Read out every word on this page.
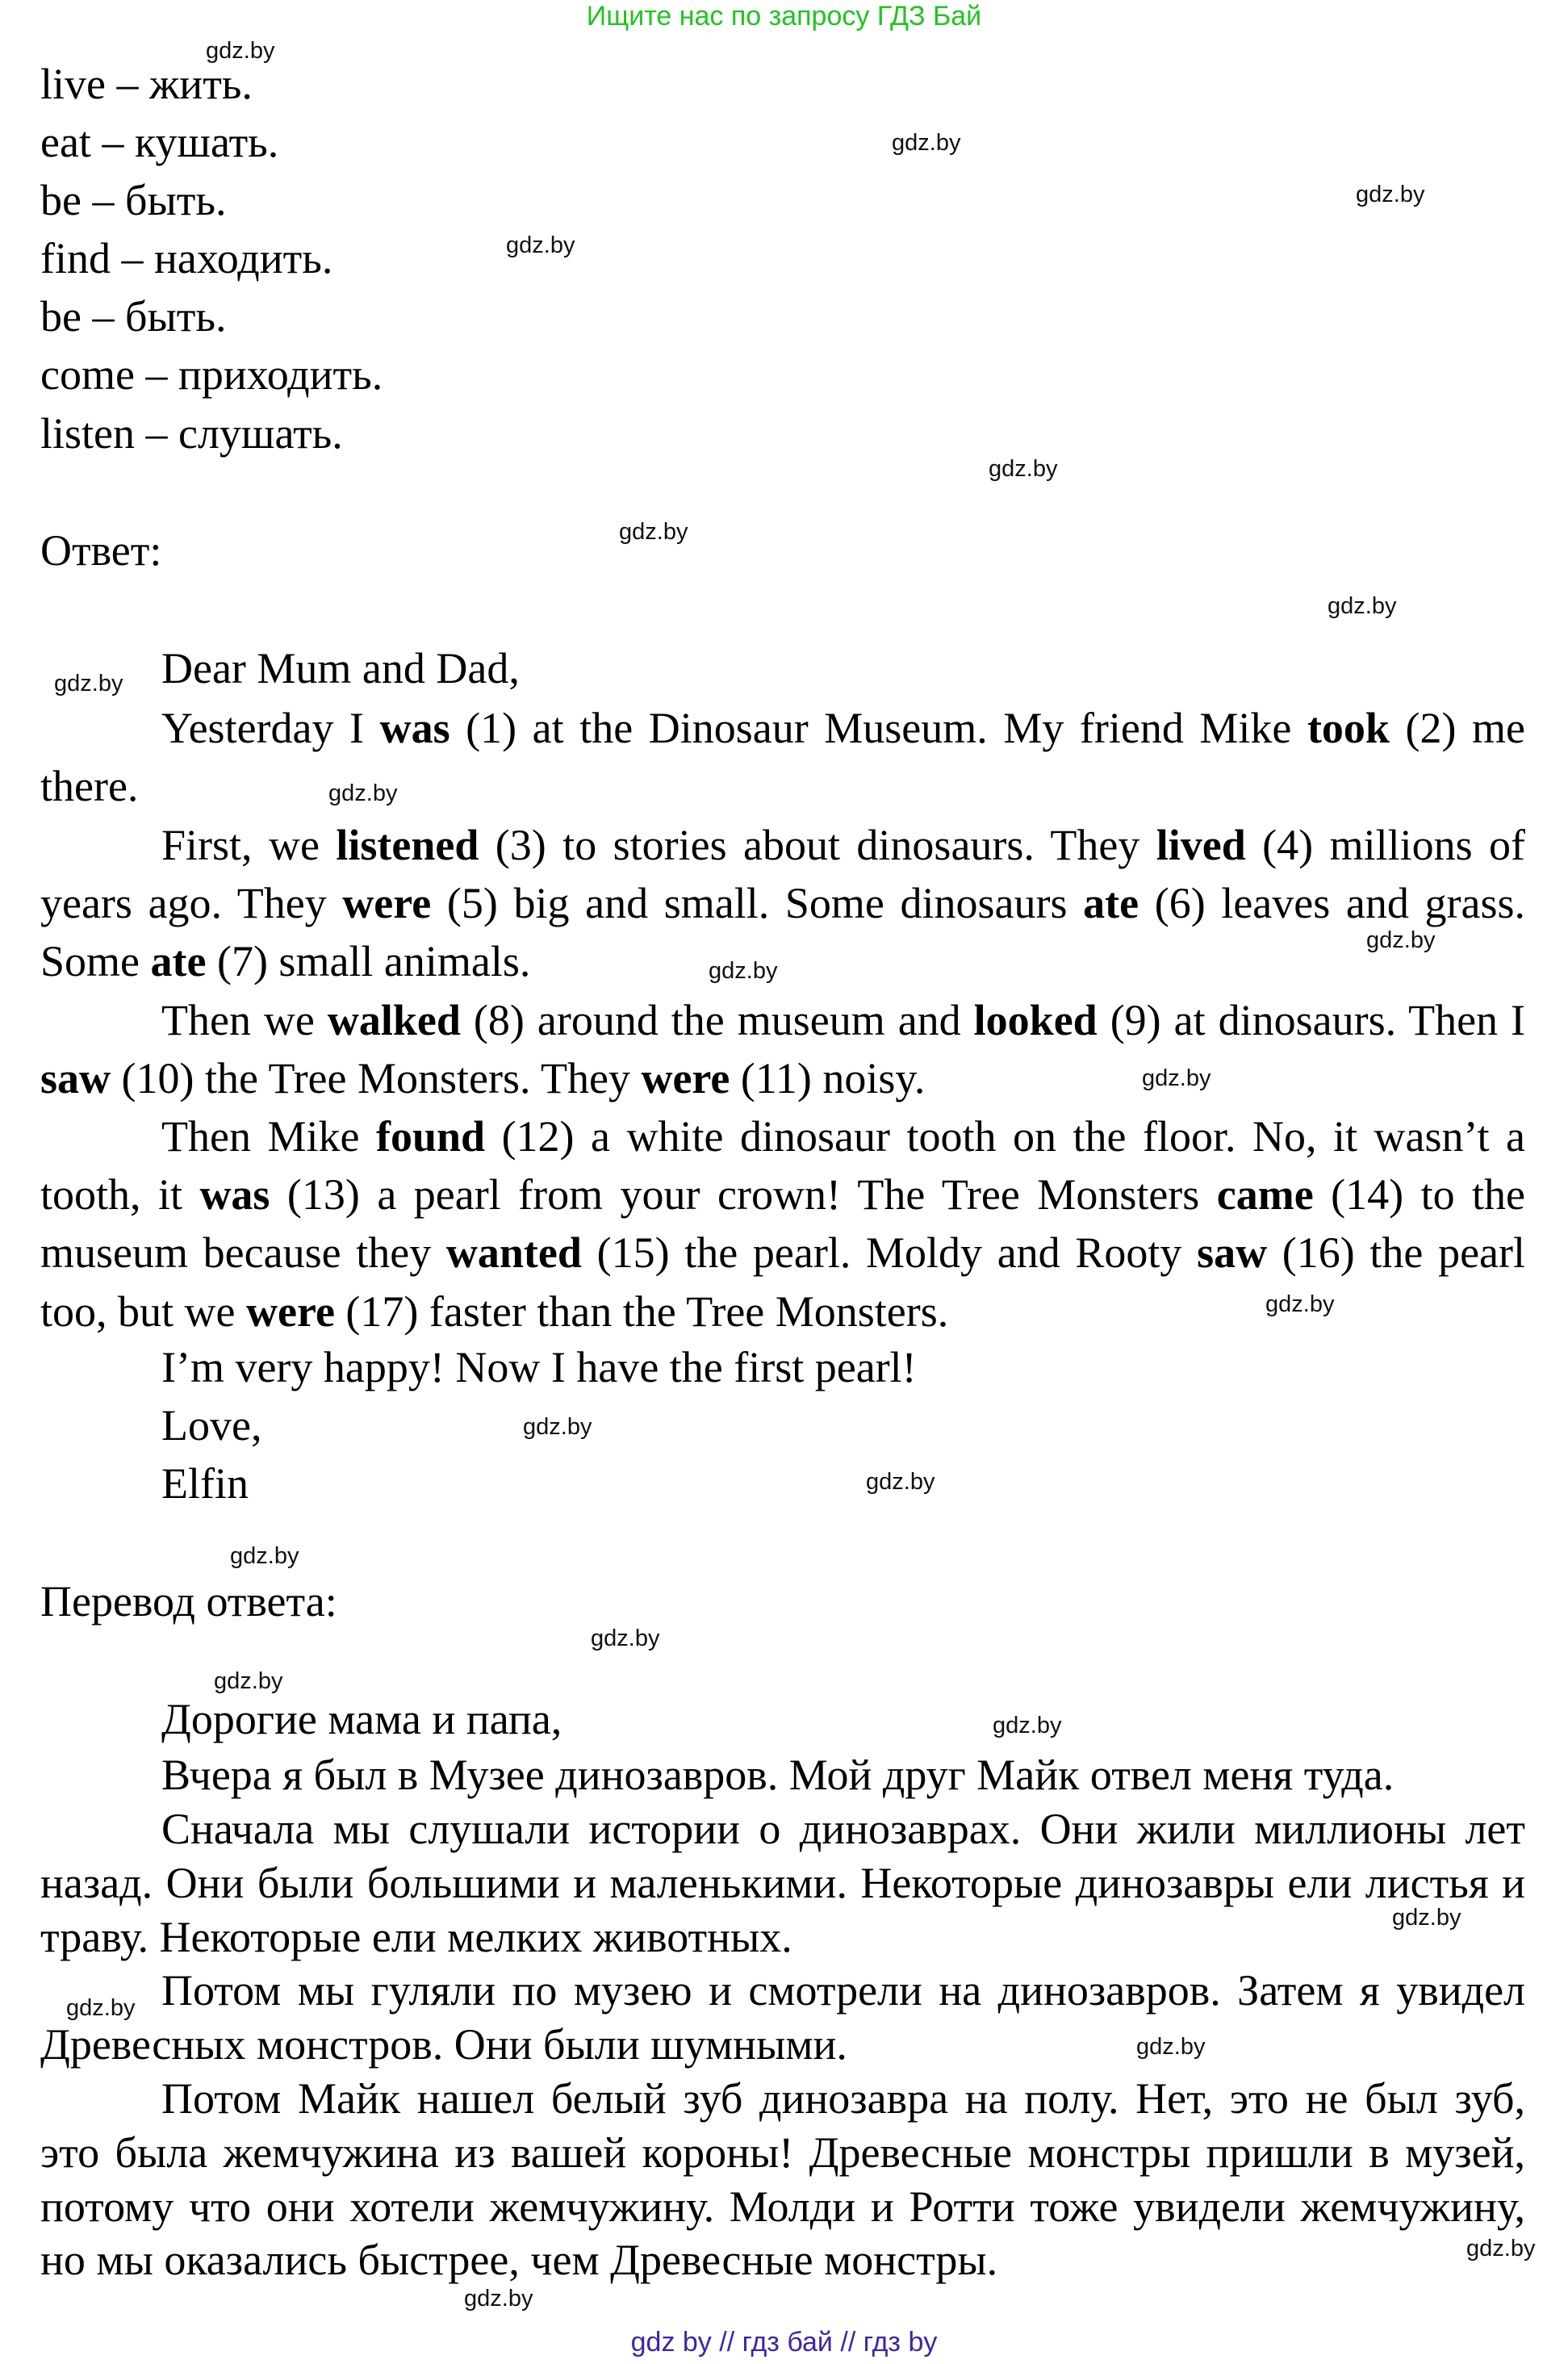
Ищите нас по запросу ГДЗ Бай
live – жить.
eat – кушать.
be – быть.
find – находить.
be – быть.
come – приходить.
listen – слушать.
Ответ:
Dear Mum and Dad,
Yesterday I was (1) at the Dinosaur Museum. My friend Mike took (2) me there.
First, we listened (3) to stories about dinosaurs. They lived (4) millions of years ago. They were (5) big and small. Some dinosaurs ate (6) leaves and grass. Some ate (7) small animals.
Then we walked (8) around the museum and looked (9) at dinosaurs. Then I saw (10) the Tree Monsters. They were (11) noisy.
Then Mike found (12) a white dinosaur tooth on the floor. No, it wasn’t a tooth, it was (13) a pearl from your crown! The Tree Monsters came (14) to the museum because they wanted (15) the pearl. Moldy and Rooty saw (16) the pearl too, but we were (17) faster than the Tree Monsters.
I’m very happy! Now I have the first pearl!
Love,
Elfin
Перевод ответа:
Дорогие мама и папа,
Вчера я был в Музее динозавров. Мой друг Майк отвел меня туда.
Сначала мы слушали истории о динозаврах. Они жили миллионы лет назад. Они были большими и маленькими. Некоторые динозавры ели листья и траву. Некоторые ели мелких животных.
Потом мы гуляли по музею и смотрели на динозавров. Затем я увидел Древесных монстров. Они были шумными.
Потом Майк нашел белый зуб динозавра на полу. Нет, это не был зуб, это была жемчужина из вашей короны! Древесные монстры пришли в музей, потому что они хотели жемчужину. Молди и Ротти тоже увидели жемчужину, но мы оказались быстрее, чем Древесные монстры.
gdz.by
gdz.by
gdz.by
gdz.by
gdz.by
gdz.by
gdz.by
gdz.by
gdz.by
gdz.by
gdz.by
gdz.by
gdz.by
gdz.by
gdz.by
gdz.by
gdz.by
gdz.by
gdz.by
gdz.by
gdz.by
gdz.by
gdz.by
gdz.by
gdz by // гдз бай // гдз by
